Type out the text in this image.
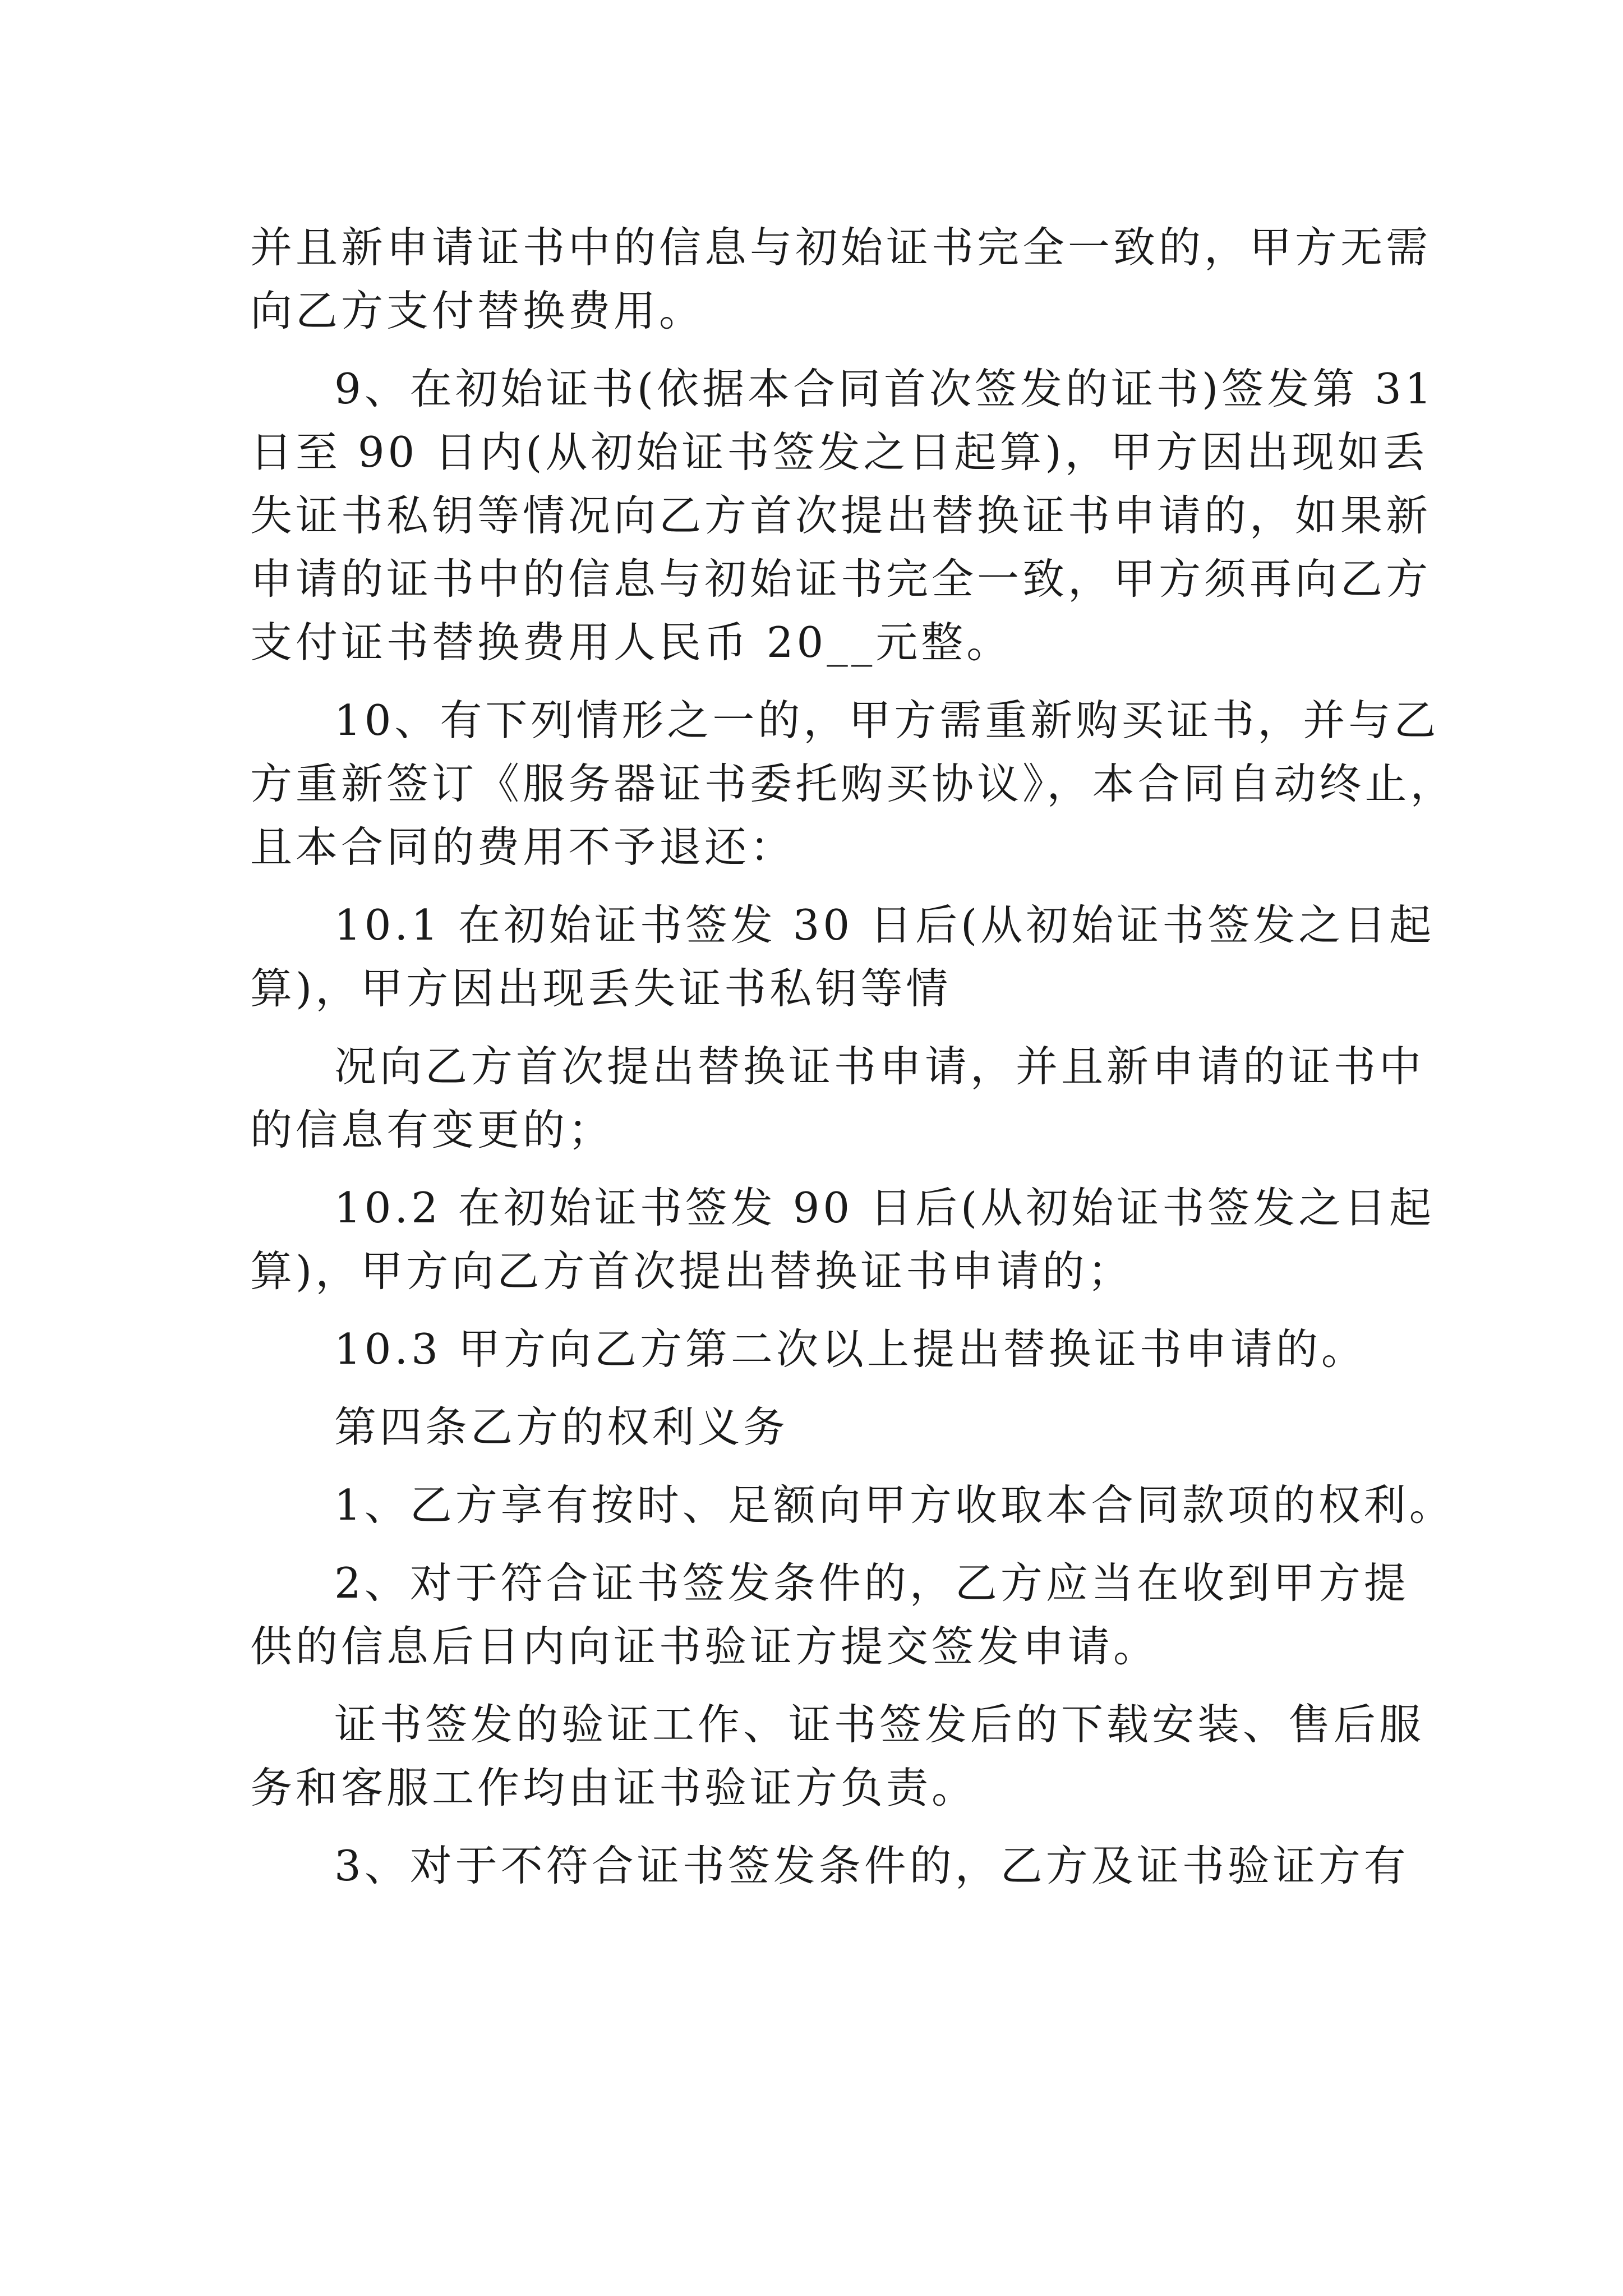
并且新申请证书中的信息与初始证书完全一致的，甲方无需
向乙方支付替换费用。

9、在初始证书(依据本合同首次签发的证书)签发第 31
日至 90 日内(从初始证书签发之日起算)，甲方因出现如丢
失证书私钥等情况向乙方首次提出替换证书申请的，如果新
申请的证书中的信息与初始证书完全一致，甲方须再向乙方
支付证书替换费用人民币 20__元整。

10、有下列情形之一的，甲方需重新购买证书，并与乙
方重新签订《服务器证书委托购买协议》，本合同自动终止，
且本合同的费用不予退还：

10.1 在初始证书签发 30 日后(从初始证书签发之日起
算)，甲方因出现丢失证书私钥等情

况向乙方首次提出替换证书申请，并且新申请的证书中
的信息有变更的；

10.2 在初始证书签发 90 日后(从初始证书签发之日起
算)，甲方向乙方首次提出替换证书申请的；

10.3 甲方向乙方第二次以上提出替换证书申请的。

第四条乙方的权利义务

1、乙方享有按时、足额向甲方收取本合同款项的权利。

2、对于符合证书签发条件的，乙方应当在收到甲方提
供的信息后日内向证书验证方提交签发申请。

证书签发的验证工作、证书签发后的下载安装、售后服
务和客服工作均由证书验证方负责。

3、对于不符合证书签发条件的，乙方及证书验证方有
